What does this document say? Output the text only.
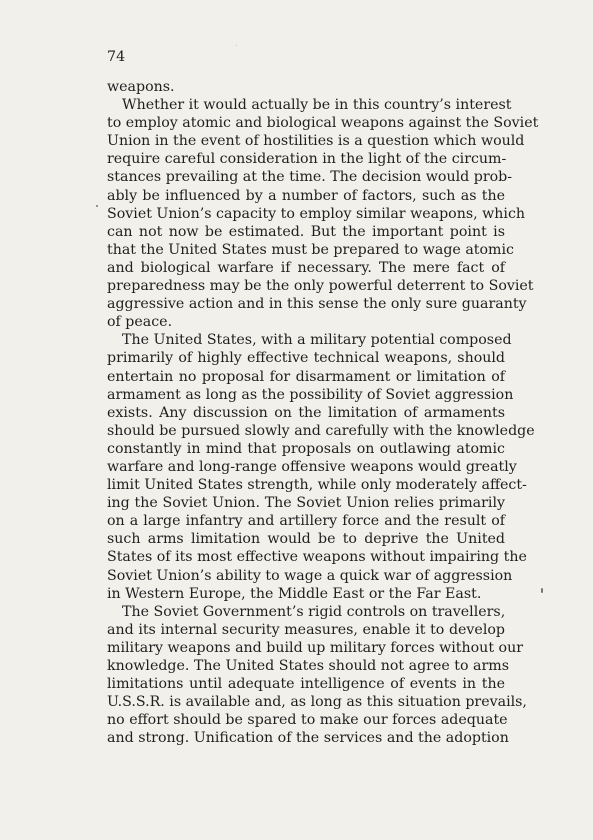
74
weapons.
Whether it would actually be in this country’s interest
to employ atomic and biological weapons against the Soviet
Union in the event of hostilities is a question which would
require careful consideration in the light of the circum-
stances prevailing at the time. The decision would prob-
ably be influenced by a number of factors, such as the
Soviet Union’s capacity to employ similar weapons, which
can not now be estimated. But the important point is
that the United States must be prepared to wage atomic
and biological warfare if necessary. The mere fact of
preparedness may be the only powerful deterrent to Soviet
aggressive action and in this sense the only sure guaranty
of peace.
The United States, with a military potential composed
primarily of highly effective technical weapons, should
entertain no proposal for disarmament or limitation of
armament as long as the possibility of Soviet aggression
exists. Any discussion on the limitation of armaments
should be pursued slowly and carefully with the knowledge
constantly in mind that proposals on outlawing atomic
warfare and long-range offensive weapons would greatly
limit United States strength, while only moderately affect-
ing the Soviet Union. The Soviet Union relies primarily
on a large infantry and artillery force and the result of
such arms limitation would be to deprive the United
States of its most effective weapons without impairing the
Soviet Union’s ability to wage a quick war of aggression
in Western Europe, the Middle East or the Far East.
The Soviet Government’s rigid controls on travellers,
and its internal security measures, enable it to develop
military weapons and build up military forces without our
knowledge. The United States should not agree to arms
limitations until adequate intelligence of events in the
U.S.S.R. is available and, as long as this situation prevails,
no effort should be spared to make our forces adequate
and strong. Unification of the services and the adoption
